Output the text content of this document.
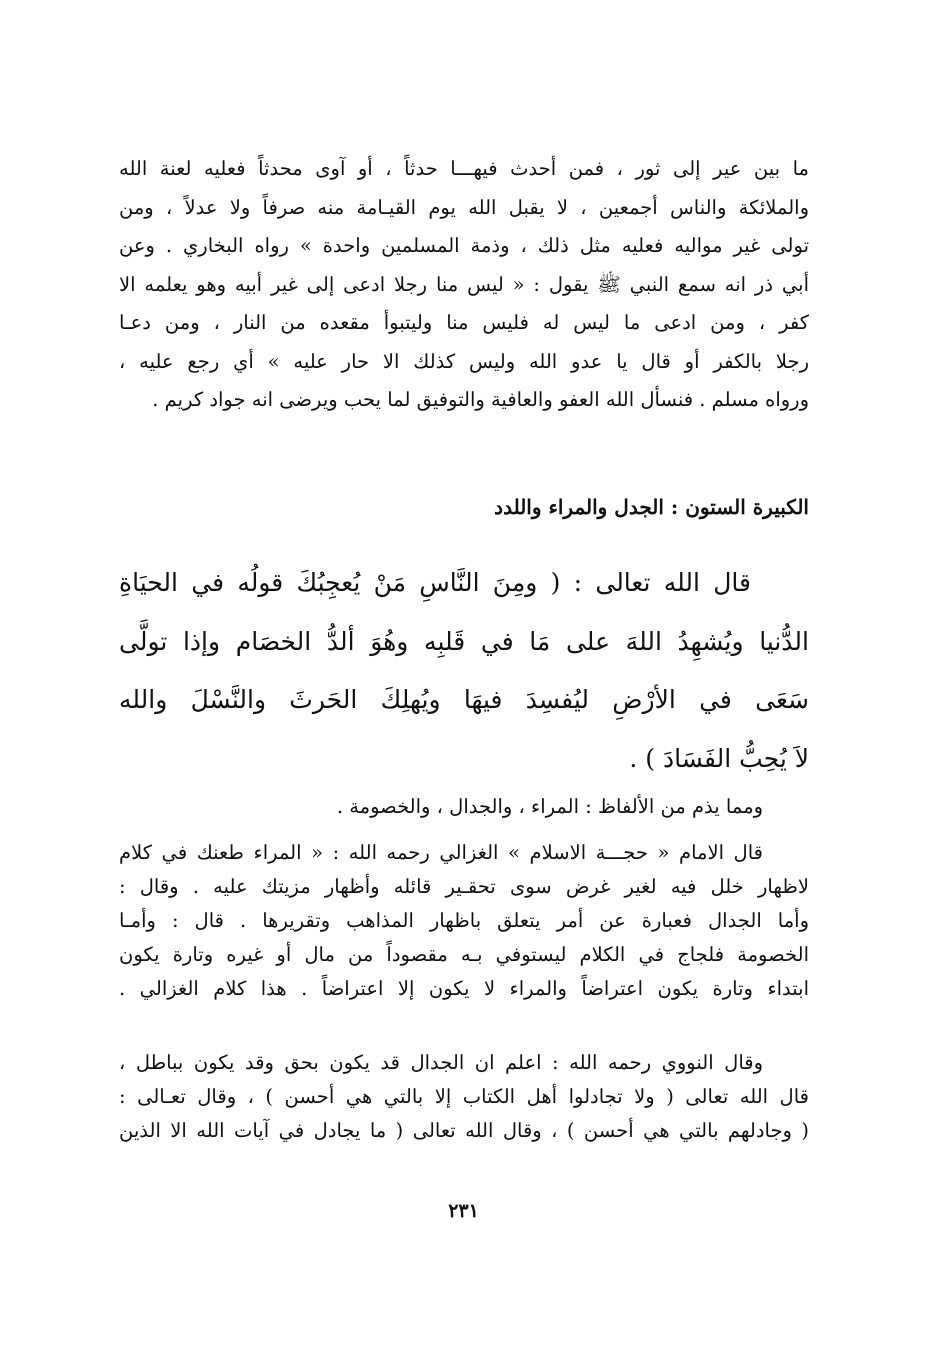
ما بين عير إلى ثور ، فمن أحدث فيهـــا حدثاً ، أو آوى محدثاً فعليه لعنة الله
والملائكة والناس أجمعين ، لا يقبل الله يوم القيـامة منه صرفاً ولا عدلاً ، ومن
تولى غير مواليه فعليه مثل ذلك ، وذمة المسلمين واحدة » رواه البخاري . وعن
أبي ذر انه سمع النبي ﷺ يقول : « ليس منا رجلا ادعى إلى غير أبيه وهو يعلمه الا
كفر ، ومن ادعى ما ليس له فليس منا وليتبوأ مقعده من النار ، ومن دعـا
رجلا بالكفر أو قال يا عدو الله وليس كذلك الا حار عليه » أي رجع عليه ،
ورواه مسلم . فنسأل الله العفو والعافية والتوفيق لما يحب ويرضى انه جواد كريم .
الكبيرة الستون : الجدل والمراء واللدد
قال الله تعالى : ( ومِنَ النَّاسِ مَنْ يُعجِبُكَ قولُه في الحيَاةِ
الدُّنيا ويُشهِدُ اللهَ على مَا في قَلبِه وهُوَ ألدُّ الخصَام وإذا تولَّى
سَعَى في الأرْضِ ليُفسِدَ فيهَا ويُهلِكَ الحَرثَ والنَّسْلَ والله
لاَ يُحِبُّ الفَسَادَ ) .
ومما يذم من الألفاظ : المراء ، والجدال ، والخصومة .
قال الامام « حجـــة الاسلام » الغزالي رحمه الله : « المراء طعنك في كلام
لاظهار خلل فيه لغير غرض سوى تحقـير قائله وأظهار مزيتك عليه . وقال :
وأما الجدال فعبارة عن أمر يتعلق باظهار المذاهب وتقريرها . قال : وأمـا
الخصومة فلجاج في الكلام ليستوفي بـه مقصوداً من مال أو غيره وتارة يكون
ابتداء وتارة يكون اعتراضاً والمراء لا يكون إلا اعتراضاً . هذا كلام الغزالي .
وقال النووي رحمه الله : اعلم ان الجدال قد يكون بحق وقد يكون بباطل ،
قال الله تعالى ( ولا تجادلوا أهل الكتاب إلا بالتي هي أحسن ) ، وقال تعـالى :
( وجادلهم بالتي هي أحسن ) ، وقال الله تعالى ( ما يجادل في آيات الله الا الذين
٢٣١
